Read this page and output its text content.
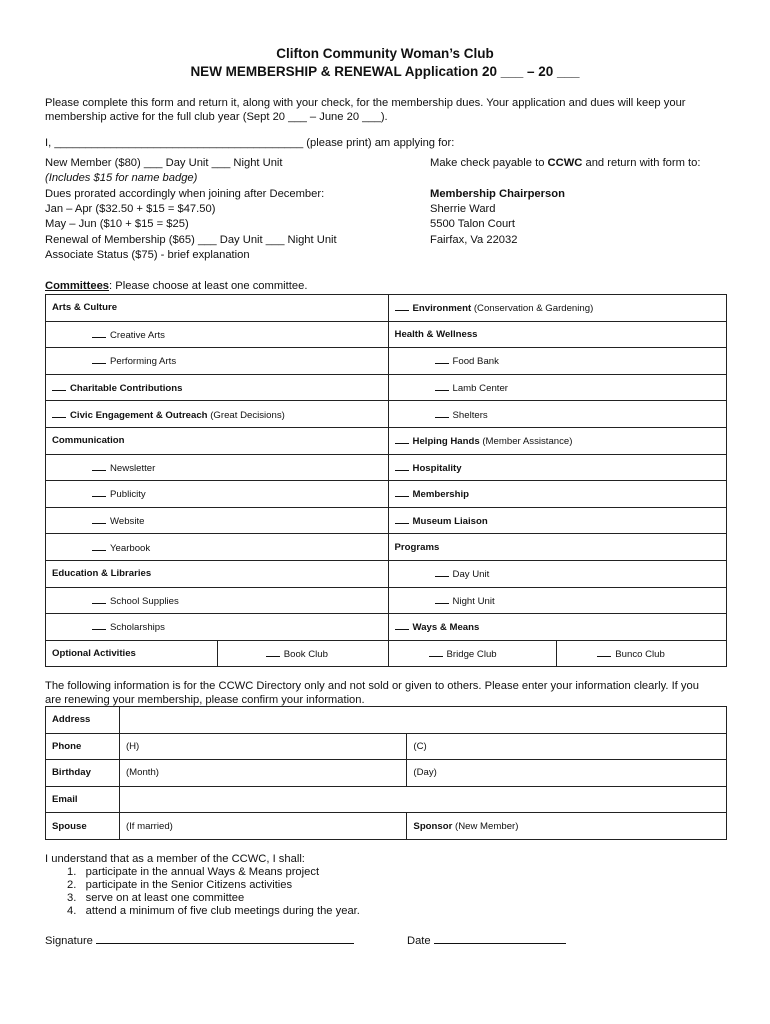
Clifton Community Woman’s Club
NEW MEMBERSHIP & RENEWAL Application 20 ___ – 20 ___
Please complete this form and return it, along with your check, for the membership dues. Your application and dues will keep your
membership active for the full club year (Sept 20 ___ – June 20 ___).
I, ________________________________________ (please print) am applying for:
New Member ($80) ___ Day Unit ___ Night Unit
(Includes $15 for name badge)
Dues prorated accordingly when joining after December:
Jan – Apr ($32.50 + $15 = $47.50)
May – Jun ($10 + $15 = $25)
Renewal of Membership ($65) ___ Day Unit ___ Night Unit
Associate Status ($75) - brief explanation
Make check payable to CCWC and return with form to:
Membership Chairperson
Sherrie Ward
5500 Talon Court
Fairfax, Va 22032
Committees: Please choose at least one committee.
Arts & Culture		Environment (Conservation & Gardening)	
Creative Arts		Health & Wellness	
Performing Arts		Food Bank	
Charitable Contributions		Lamb Center	
Civic Engagement & Outreach (Great Decisions)		Shelters	
Communication		Helping Hands (Member Assistance)	
Newsletter		Hospitality	
Publicity		Membership	
Website		Museum Liaison	
Yearbook		Programs	
Education & Libraries		Day Unit	
School Supplies		Night Unit	
Scholarships		Ways & Means	
Optional Activities	Book Club	Bridge Club	Bunco Club
The following information is for the CCWC Directory only and not sold or given to others. Please enter your information clearly. If you
are renewing your membership, please confirm your information.
Address		
Phone	(H)	(C)
Birthday	(Month)	(Day)
Email		
Spouse	(If married)	Sponsor (New Member)
I understand that as a member of the CCWC, I shall:
1.   participate in the annual Ways & Means project
2.   participate in the Senior Citizens activities
3.   serve on at least one committee
4.   attend a minimum of five club meetings during the year.
Signature	Date
